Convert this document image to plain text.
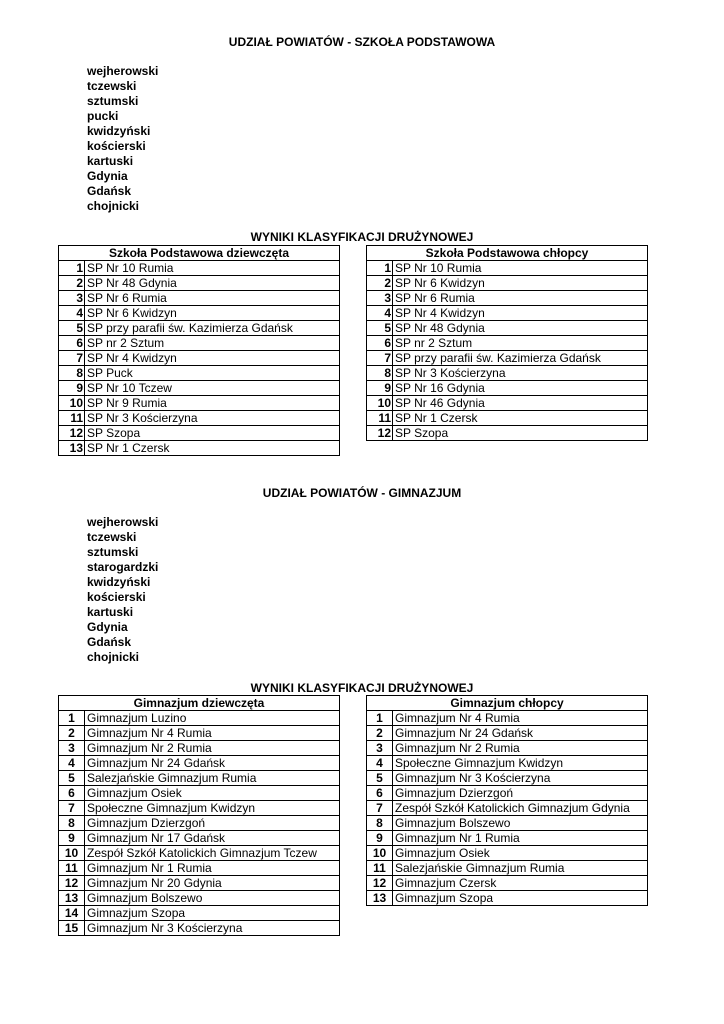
UDZIAŁ POWIATÓW - SZKOŁA PODSTAWOWA
wejherowski
tczewski
sztumski
pucki
kwidzyński
kościerski
kartuski
Gdynia
Gdańsk
chojnicki
WYNIKI KLASYFIKACJI DRUŻYNOWEJ
Szkoła Podstawowa dziewczęta	
1	SP Nr 10 Rumia
2	SP Nr 48 Gdynia
3	SP Nr 6 Rumia
4	SP Nr 6 Kwidzyn
5	SP przy parafii św. Kazimierza Gdańsk
6	SP nr 2 Sztum
7	SP Nr 4 Kwidzyn
8	SP Puck
9	SP Nr 10 Tczew
10	SP Nr 9 Rumia
11	SP Nr 3 Kościerzyna
12	SP Szopa
13	SP Nr 1 Czersk
Szkoła Podstawowa chłopcy	
1	SP Nr 10 Rumia
2	SP Nr 6 Kwidzyn
3	SP Nr 6 Rumia
4	SP Nr 4 Kwidzyn
5	SP Nr 48 Gdynia
6	SP nr 2 Sztum
7	SP przy parafii św. Kazimierza Gdańsk
8	SP Nr 3 Kościerzyna
9	SP Nr 16 Gdynia
10	SP Nr 46 Gdynia
11	SP Nr 1 Czersk
12	SP Szopa
UDZIAŁ POWIATÓW - GIMNAZJUM
wejherowski
tczewski
sztumski
starogardzki
kwidzyński
kościerski
kartuski
Gdynia
Gdańsk
chojnicki
WYNIKI KLASYFIKACJI DRUŻYNOWEJ
Gimnazjum dziewczęta	
1	Gimnazjum Luzino
2	Gimnazjum Nr 4 Rumia
3	Gimnazjum Nr 2 Rumia
4	Gimnazjum Nr 24 Gdańsk
5	Salezjańskie Gimnazjum Rumia
6	Gimnazjum Osiek
7	Społeczne Gimnazjum Kwidzyn
8	Gimnazjum Dzierzgoń
9	Gimnazjum Nr 17 Gdańsk
10	Zespół Szkół Katolickich Gimnazjum Tczew
11	Gimnazjum Nr 1 Rumia
12	Gimnazjum Nr 20 Gdynia
13	Gimnazjum Bolszewo
14	Gimnazjum Szopa
15	Gimnazjum Nr 3 Kościerzyna
Gimnazjum chłopcy	
1	Gimnazjum Nr 4 Rumia
2	Gimnazjum Nr 24 Gdańsk
3	Gimnazjum Nr 2 Rumia
4	Społeczne Gimnazjum Kwidzyn
5	Gimnazjum Nr 3 Kościerzyna
6	Gimnazjum Dzierzgoń
7	Zespół Szkół Katolickich Gimnazjum Gdynia
8	Gimnazjum Bolszewo
9	Gimnazjum Nr 1 Rumia
10	Gimnazjum Osiek
11	Salezjańskie Gimnazjum Rumia
12	Gimnazjum Czersk
13	Gimnazjum Szopa
